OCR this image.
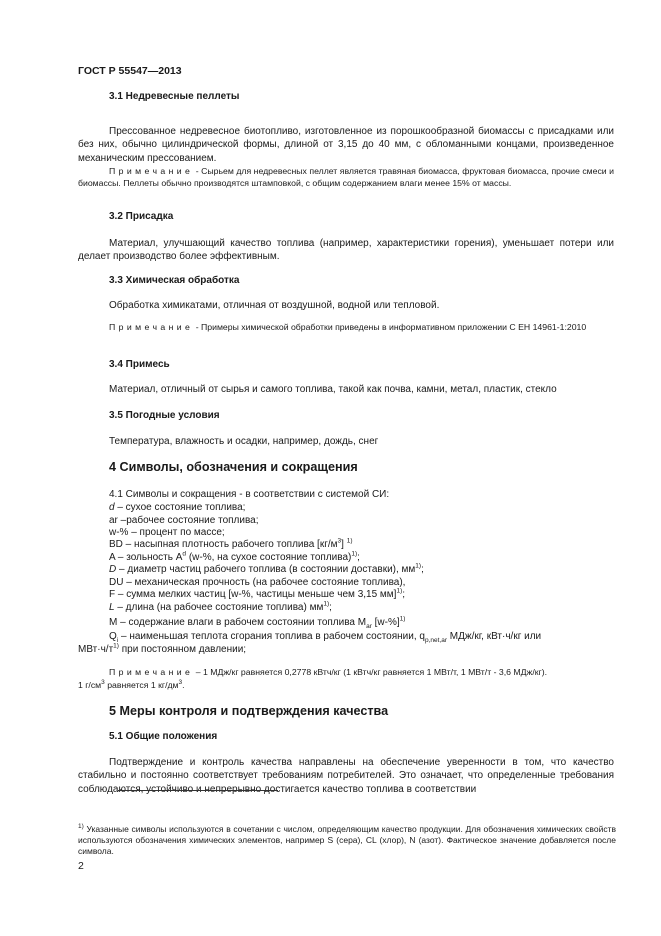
ГОСТ Р 55547—2013
3.1 Недревесные пеллеты
Прессованное недревесное биотопливо, изготовленное из порошкообразной биомассы с присадками или без них, обычно цилиндрической формы, длиной от 3,15 до 40 мм, с обломанными концами, произведенное механическим прессованием.
Примечание - Сырьем для недревесных пеллет является травяная биомасса, фруктовая биомасса, прочие смеси и биомассы. Пеллеты обычно производятся штамповкой, с общим содержанием влаги менее 15% от массы.
3.2 Присадка
Материал, улучшающий качество топлива (например, характеристики горения), уменьшает потери или делает производство более эффективным.
3.3 Химическая обработка
Обработка химикатами, отличная от воздушной, водной или тепловой.
Примечание - Примеры химической обработки приведены в информативном приложении С ЕН 14961-1:2010
3.4 Примесь
Материал, отличный от сырья и самого топлива, такой как почва, камни, метал, пластик, стекло
3.5 Погодные условия
Температура, влажность и осадки, например, дождь, снег
4 Символы, обозначения и сокращения
4.1 Символы и сокращения - в соответствии с системой СИ:
d – сухое состояние топлива;
ar –рабочее состояние топлива;
w-% – процент по массе;
BD – насыпная плотность рабочего топлива $[кг/м^3]$ $^{1)}$
A – зольность $A^d$ (w-%, на сухое состояние топлива)$^{1)}$;
D – диаметр частиц рабочего топлива (в состоянии доставки), $мм^{1)}$;
DU – механическая прочность (на рабочее состояние топлива),
F – сумма мелких частиц [w-%, частицы меньше чем 3,15 мм]$^{1)}$;
L – длина (на рабочее состояние топлива) $мм^{1)}$;
M – содержание влаги в рабочем состоянии топлива $M_{ar}$ $[w-\%]^{1)}$
$Q_i$ – наименьшая теплота сгорания топлива в рабочем состоянии, $q_{p,net,ar}$ МДж/кг, кВт·ч/кг или
$МВт\cdot ч/т^{1)}$ при постоянном давлении;
Примечание – 1 МДж/кг равняется 0,2778 кВтч/кг (1 кВтч/кг равняется 1 МВт/т, 1 МВт/т - 3,6 МДж/кг).
1 $г/см^3$ равняется 1 $кг/дм^3$.
5 Меры контроля и подтверждения качества
5.1 Общие положения
Подтверждение и контроль качества направлены на обеспечение уверенности в том, что качество стабильно и постоянно соответствует требованиям потребителей. Это означает, что определенные требования соблюдаются, устойчиво и непрерывно достигается качество топлива в соответствии
$^{1)}$ Указанные символы используются в сочетании с числом, определяющим качество продукции. Для обозначения химических свойств используются обозначения химических элементов, например S (сера), CL (хлор), N (азот). Фактическое значение добавляется после символа.
2
